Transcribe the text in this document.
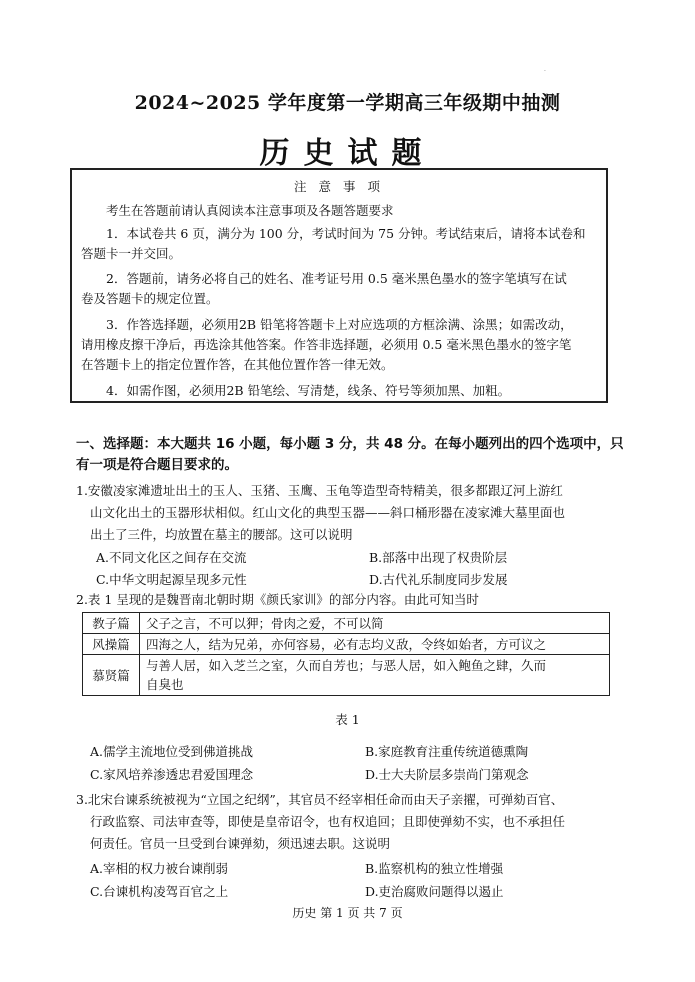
·
2024~2025 学年度第一学期高三年级期中抽测
历史试题
注 意 事 项
考生在答题前请认真阅读本注意事项及各题答题要求
1．本试卷共 6 页，满分为 100 分，考试时间为 75 分钟。考试结束后，请将本试卷和
答题卡一并交回。
2．答题前，请务必将自己的姓名、准考证号用 0.5 毫米黑色墨水的签字笔填写在试
卷及答题卡的规定位置。
3．作答选择题，必须用2B 铅笔将答题卡上对应选项的方框涂满、涂黑；如需改动，
请用橡皮擦干净后，再选涂其他答案。作答非选择题，必须用 0.5 毫米黑色墨水的签字笔
在答题卡上的指定位置作答，在其他位置作答一律无效。
4．如需作图，必须用2B 铅笔绘、写清楚，线条、符号等须加黑、加粗。
一、选择题：本大题共 16 小题，每小题 3 分，共 48 分。在每小题列出的四个选项中，只
有一项是符合题目要求的。
1.安徽凌家滩遗址出土的玉人、玉猪、玉鹰、玉龟等造型奇特精美，很多都跟辽河上游红
山文化出土的玉器形状相似。红山文化的典型玉器——斜口桶形器在凌家滩大墓里面也
出土了三件，均放置在墓主的腰部。这可以说明
A.不同文化区之间存在交流	B.部落中出现了权贵阶层
C.中华文明起源呈现多元性	D.古代礼乐制度同步发展
2.表 1 呈现的是魏晋南北朝时期《颜氏家训》的部分内容。由此可知当时
教子篇	父子之言，不可以狎；骨肉之爱，不可以简
风操篇	四海之人，结为兄弟，亦何容易，必有志均义敌，令终如始者，方可议之
慕贤篇	与善人居，如入芝兰之室，久而自芳也；与恶人居，如入鲍鱼之肆，久而
自臭也
表 1
A.儒学主流地位受到佛道挑战	B.家庭教育注重传统道德熏陶
C.家风培养渗透忠君爱国理念	D.士大夫阶层多崇尚门第观念
3.北宋台谏系统被视为“立国之纪纲”，其官员不经宰相任命而由天子亲擢，可弹劾百官、
行政监察、司法审查等，即使是皇帝诏令，也有权追回；且即使弹劾不实，也不承担任
何责任。官员一旦受到台谏弹劾，须迅速去职。这说明
A.宰相的权力被台谏削弱	B.监察机构的独立性增强
C.台谏机构凌驾百官之上	D.吏治腐败问题得以遏止
历史 第 1 页 共 7 页
